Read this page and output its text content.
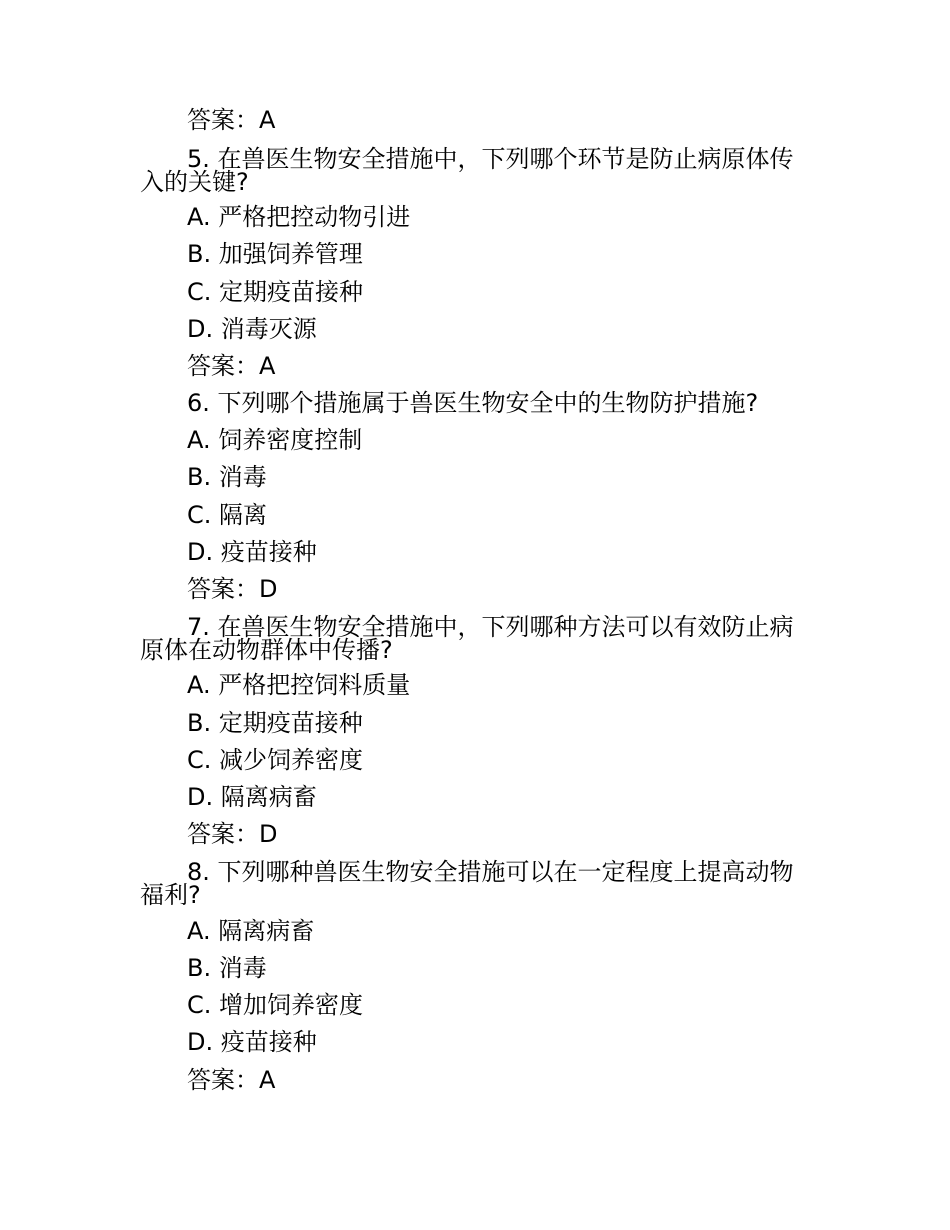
答案：A
5. 在兽医生物安全措施中，下列哪个环节是防止病原体传
入的关键?
A. 严格把控动物引进
B. 加强饲养管理
C. 定期疫苗接种
D. 消毒灭源
答案：A
6. 下列哪个措施属于兽医生物安全中的生物防护措施?
A. 饲养密度控制
B. 消毒
C. 隔离
D. 疫苗接种
答案：D
7. 在兽医生物安全措施中，下列哪种方法可以有效防止病
原体在动物群体中传播?
A. 严格把控饲料质量
B. 定期疫苗接种
C. 减少饲养密度
D. 隔离病畜
答案：D
8. 下列哪种兽医生物安全措施可以在一定程度上提高动物
福利?
A. 隔离病畜
B. 消毒
C. 增加饲养密度
D. 疫苗接种
答案：A
